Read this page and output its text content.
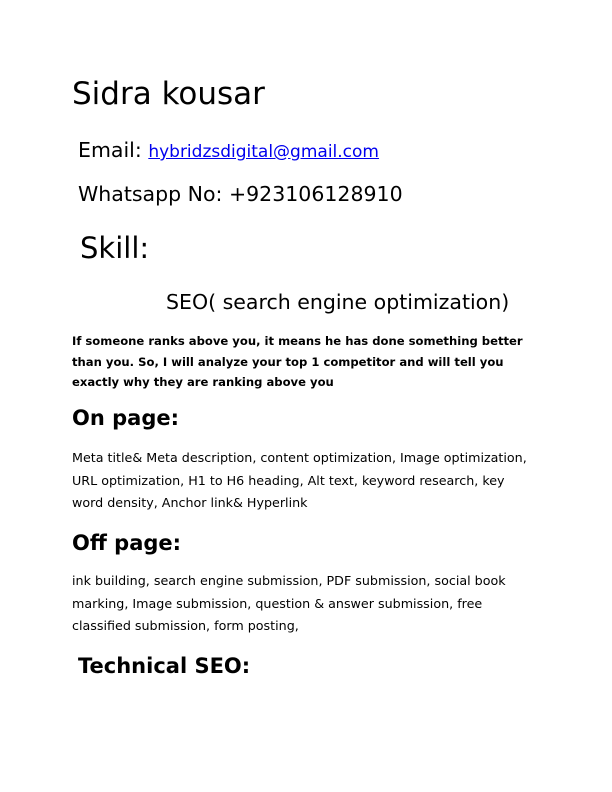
Sidra kousar
Email: hybridzsdigital@gmail.com
Whatsapp No: +923106128910
Skill:
SEO( search engine optimization)
If someone ranks above you, it means he has done something better than you. So, I will analyze your top 1 competitor and will tell you exactly why they are ranking above you
On page:
Meta title& Meta description, content optimization, Image optimization, URL optimization, H1 to H6 heading, Alt text, keyword research, key word density, Anchor link& Hyperlink
Off page:
ink building, search engine submission, PDF submission, social book marking, Image submission, question & answer submission, free classified submission, form posting,
Technical SEO:
